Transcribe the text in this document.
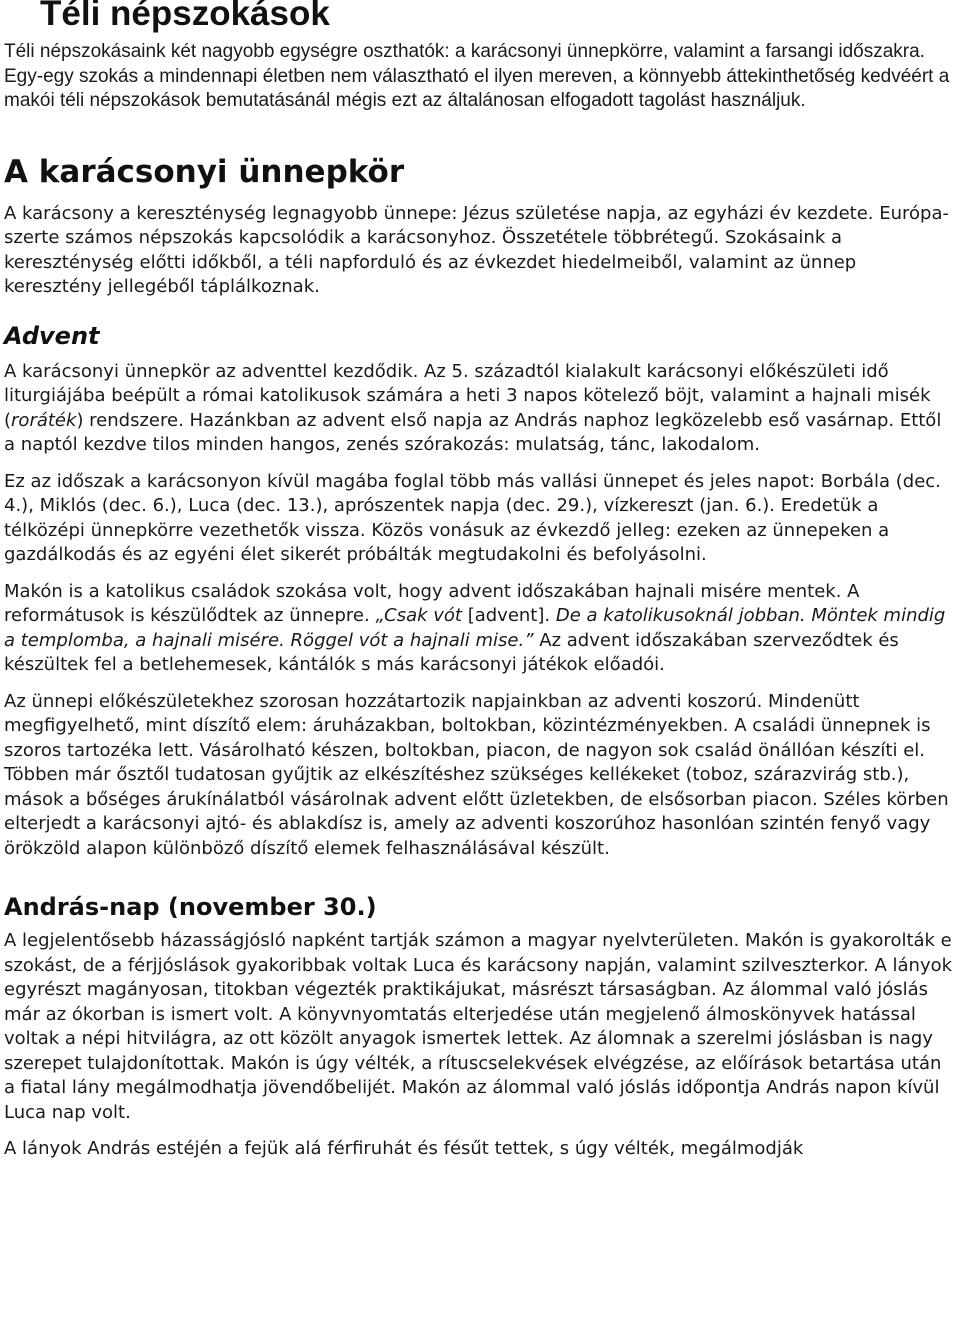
Téli népszokások

Téli népszokásaink két nagyobb egységre oszthatók: a karácsonyi ünnepkörre, valamint a farsangi időszakra. Egy-egy szokás a mindennapi életben nem választható el ilyen mereven, a könnyebb áttekinthetőség kedvéért a makói téli népszokások bemutatásánál mégis ezt az általánosan elfogadott tagolást használjuk.

A karácsonyi ünnepkör

A karácsony a kereszténység legnagyobb ünnepe: Jézus születése napja, az egyházi év kezdete. Európa-szerte számos népszokás kapcsolódik a karácsonyhoz. Összetétele többrétegű. Szokásaink a kereszténység előtti időkből, a téli napforduló és az évkezdet hiedelmeiből, valamint az ünnep keresztény jellegéből táplálkoznak.

Advent

A karácsonyi ünnepkör az adventtel kezdődik. Az 5. századtól kialakult karácsonyi előkészületi idő liturgiájába beépült a római katolikusok számára a heti 3 napos kötelező böjt, valamint a hajnali misék (roráték) rendszere. Hazánkban az advent első napja az András naphoz legközelebb eső vasárnap. Ettől a naptól kezdve tilos minden hangos, zenés szórakozás: mulatság, tánc, lakodalom.

Ez az időszak a karácsonyon kívül magába foglal több más vallási ünnepet és jeles napot: Borbála (dec. 4.), Miklós (dec. 6.), Luca (dec. 13.), aprószentek napja (dec. 29.), vízkereszt (jan. 6.). Eredetük a télközépi ünnepkörre vezethetők vissza. Közös vonásuk az évkezdő jelleg: ezeken az ünnepeken a gazdálkodás és az egyéni élet sikerét próbálták megtudakolni és befolyásolni.

Makón is a katolikus családok szokása volt, hogy advent időszakában hajnali misére mentek. A reformátusok is készülődtek az ünnepre. „Csak vót [advent]. De a katolikusoknál jobban. Möntek mindig a templomba, a hajnali misére. Röggel vót a hajnali mise.” Az advent időszakában szerveződtek és készültek fel a betlehemesek, kántálók s más karácsonyi játékok előadói.

Az ünnepi előkészületekhez szorosan hozzátartozik napjainkban az adventi koszorú. Mindenütt megfigyelhető, mint díszítő elem: áruházakban, boltokban, közintézményekben. A családi ünnepnek is szoros tartozéka lett. Vásárolható készen, boltokban, piacon, de nagyon sok család önállóan készíti el. Többen már ősztől tudatosan gyűjtik az elkészítéshez szükséges kellékeket (toboz, szárazvirág stb.), mások a bőséges árukínálatból vásárolnak advent előtt üzletekben, de elsősorban piacon. Széles körben elterjedt a karácsonyi ajtó- és ablakdísz is, amely az adventi koszorúhoz hasonlóan szintén fenyő vagy örökzöld alapon különböző díszítő elemek felhasználásával készült.

András-nap (november 30.)

A legjelentősebb házasságjósló napként tartják számon a magyar nyelvterületen. Makón is gyakorolták e szokást, de a férjjóslások gyakoribbak voltak Luca és karácsony napján, valamint szilveszterkor. A lányok egyrészt magányosan, titokban végezték praktikájukat, másrészt társaságban. Az álommal való jóslás már az ókorban is ismert volt. A könyvnyomtatás elterjedése után megjelenő álmoskönyvek hatással voltak a népi hitvilágra, az ott közölt anyagok ismertek lettek. Az álomnak a szerelmi jóslásban is nagy szerepet tulajdonítottak. Makón is úgy vélték, a rítuscselekvések elvégzése, az előírások betartása után a fiatal lány megálmodhatja jövendőbelijét. Makón az álommal való jóslás időpontja András napon kívül Luca nap volt.

A lányok András estéjén a fejük alá férfiruhát és fésűt tettek, s úgy vélték, megálmodják
